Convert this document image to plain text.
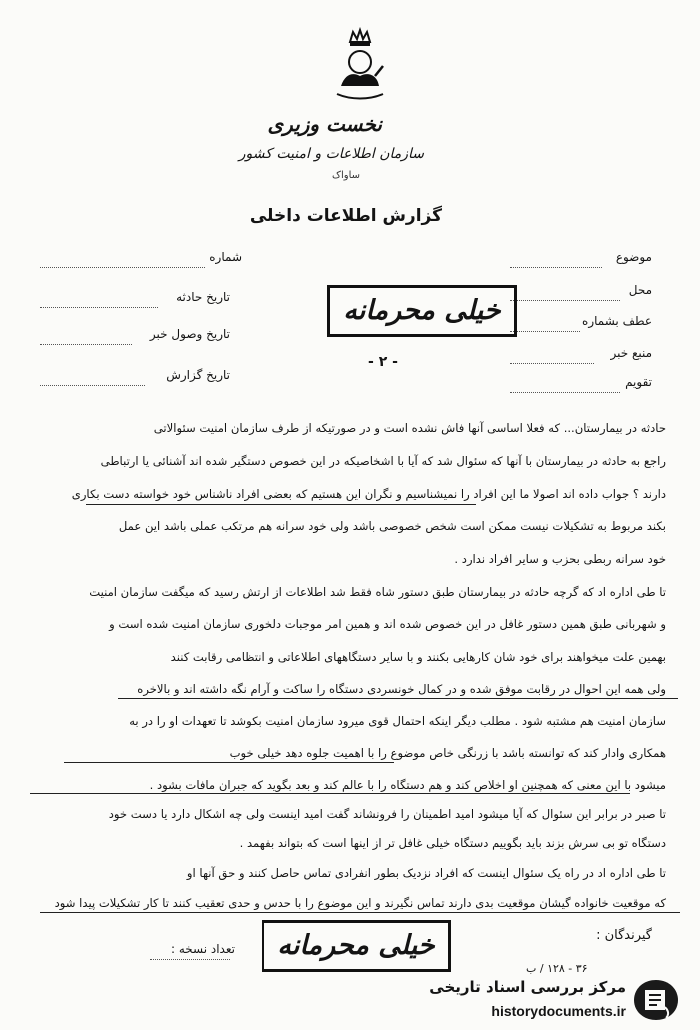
نخست وزیری
سازمان اطلاعات و امنیت کشور
ساواک
گزارش اطلاعات داخلی
موضوع
محل
عطف بشماره
منبع خبر
تقویم
شماره
تاریخ حادثه
تاریخ وصول خبر
تاریخ گزارش
خیلی محرمانه
- ۲ -
حادثه در بیمارستان... که فعلا اساسی آنها فاش نشده است و در صورتیکه از طرف سازمان امنیت سئوالاتی
راجع به حادثه در بیمارستان با آنها که سئوال شد که آیا با اشخاصیکه در این خصوص دستگیر شده اند آشنائی یا ارتباطی
دارند ؟ جواب داده اند اصولا ما این افراد را نمیشناسیم و نگران این هستیم که بعضی افراد ناشناس خود خواسته دست بکاری
بکند مربوط به تشکیلات نیست ممکن است شخص خصوصی باشد ولی خود سرانه هم مرتکب عملی باشد این عمل
خود سرانه ربطی بحزب و سایر افراد ندارد .
تا طی اداره اد که گرچه حادثه در بیمارستان طبق دستور شاه فقط شد اطلاعات از ارتش رسید که میگفت سازمان امنیت
و شهربانی طبق همین دستور غافل در این خصوص شده اند و همین امر موجبات دلخوری سازمان امنیت شده است و
بهمین علت میخواهند برای خود شان کارهایی بکنند و با سایر دستگاههای اطلاعاتی و انتظامی رقابت کنند
ولی همه این احوال در رقابت موفق شده و در کمال خونسردی دستگاه را ساکت و آرام نگه داشته اند و بالاخره
سازمان امنیت هم مشتبه شود . مطلب دیگر اینکه احتمال قوی میرود سازمان امنیت بکوشد تا تعهدات او را در به
همکاری وادار کند که توانسته باشد با زرنگی خاص موضوع را با اهمیت جلوه دهد خیلی خوب
میشود با این معنی که همچنین او اخلاص کند و هم دستگاه را با عالم کند و بعد بگوید که جبران مافات بشود .
تا صبر در برابر این سئوال که آیا میشود امید اطمینان را فرونشاند گفت امید اینست ولی چه اشکال دارد یا دست خود
دستگاه تو بی سرش بزند باید بگوییم دستگاه خیلی غافل تر از اینها است که بتواند بفهمد .
تا طی اداره اد در راه یک سئوال اینست که افراد نزدیک بطور انفرادی تماس حاصل کنند و حق آنها او
که موقعیت خانواده گیشان موقعیت بدی دارند تماس نگیرند و این موضوع را با حدس و حدی تعقیب کنند تا کار تشکیلات پیدا شود
گیرندگان :
تعداد نسخه :	خیلی محرمانه
۳۶ - ۱۲۸ / ب
مرکز بررسی اسناد تاریخی
historydocuments.ir
